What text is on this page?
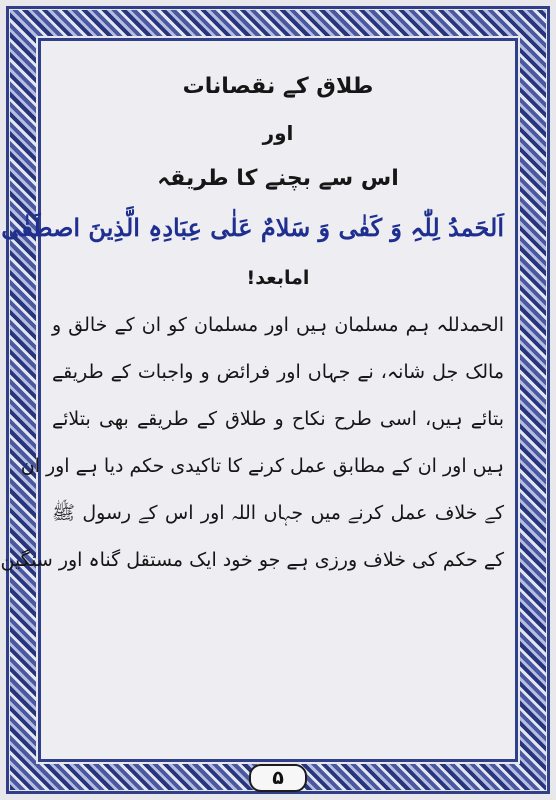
طلاق کے نقصانات
اور
اس سے بچنے کا طریقہ
اَلحَمدُ لِلّٰہِ وَ کَفٰی وَ سَلامٌ عَلٰی عِبَادِہِ الَّذِینَ اصطَفٰی
امابعد!
الحمدللہ ہم مسلمان ہیں اور مسلمان کو ان کے خالق و
مالک جل شانہ، نے جہاں اور فرائض و واجبات کے طریقے
بتائے ہیں، اسی طرح نکاح و طلاق کے طریقے بھی بتلائے
ہیں اور ان کے مطابق عمل کرنے کا تاکیدی حکم دیا ہے اور ان
کے خلاف عمل کرنے میں جہاں اللہ اور اس کے رسول ﷺ
کے حکم کی خلاف ورزی ہے جو خود ایک مستقل گناہ اور سنگین
۵
